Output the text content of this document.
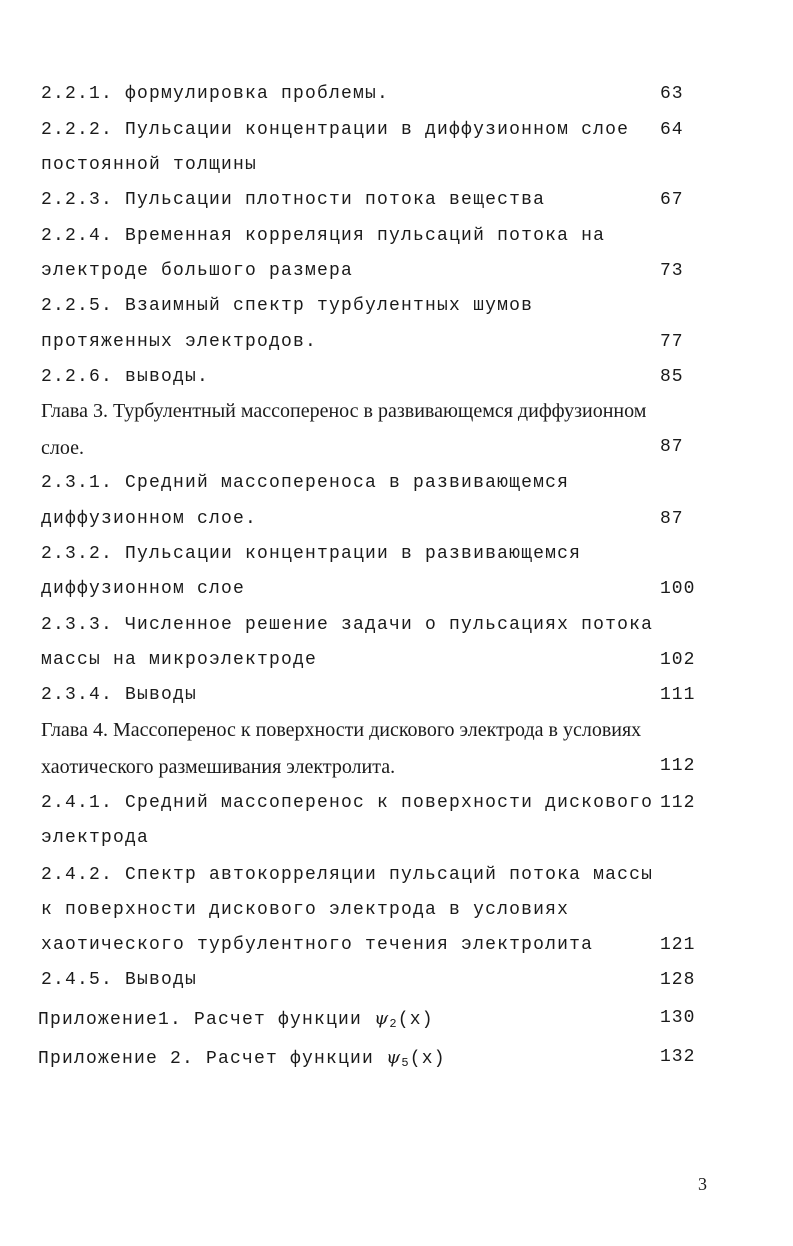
2.2.1. формулировка проблемы.	63
2.2.2. Пульсации концентрации в диффузионном слое 64
постоянной толщины
2.2.3. Пульсации плотности потока вещества	67
2.2.4. Временная корреляция пульсаций потока на
электроде большого размера	73
2.2.5. Взаимный спектр турбулентных шумов
протяженных электродов.	77
2.2.6. выводы.	85
Глава 3. Турбулентный массоперенос в развивающемся диффузионном
слое.	87
2.3.1. Средний массопереноса в развивающемся
диффузионном слое.	87
2.3.2. Пульсации концентрации в развивающемся
диффузионном слое	100
2.3.3. Численное решение задачи о пульсациях потока
массы на микроэлектроде	102
2.3.4. Выводы	111
Глава 4. Массоперенос к поверхности дискового электрода в условиях
хаотического размешивания электролита.	112
2.4.1. Средний массоперенос к поверхности дискового 112
электрода
2.4.2. Спектр автокорреляции пульсаций потока массы
к поверхности дискового электрода в условиях
хаотического турбулентного течения электролита	121
2.4.5. Выводы	128
Приложение1. Расчет функции $\psi_2(x)$	130
Приложение 2. Расчет функции $\psi_5(x)$	132
3
